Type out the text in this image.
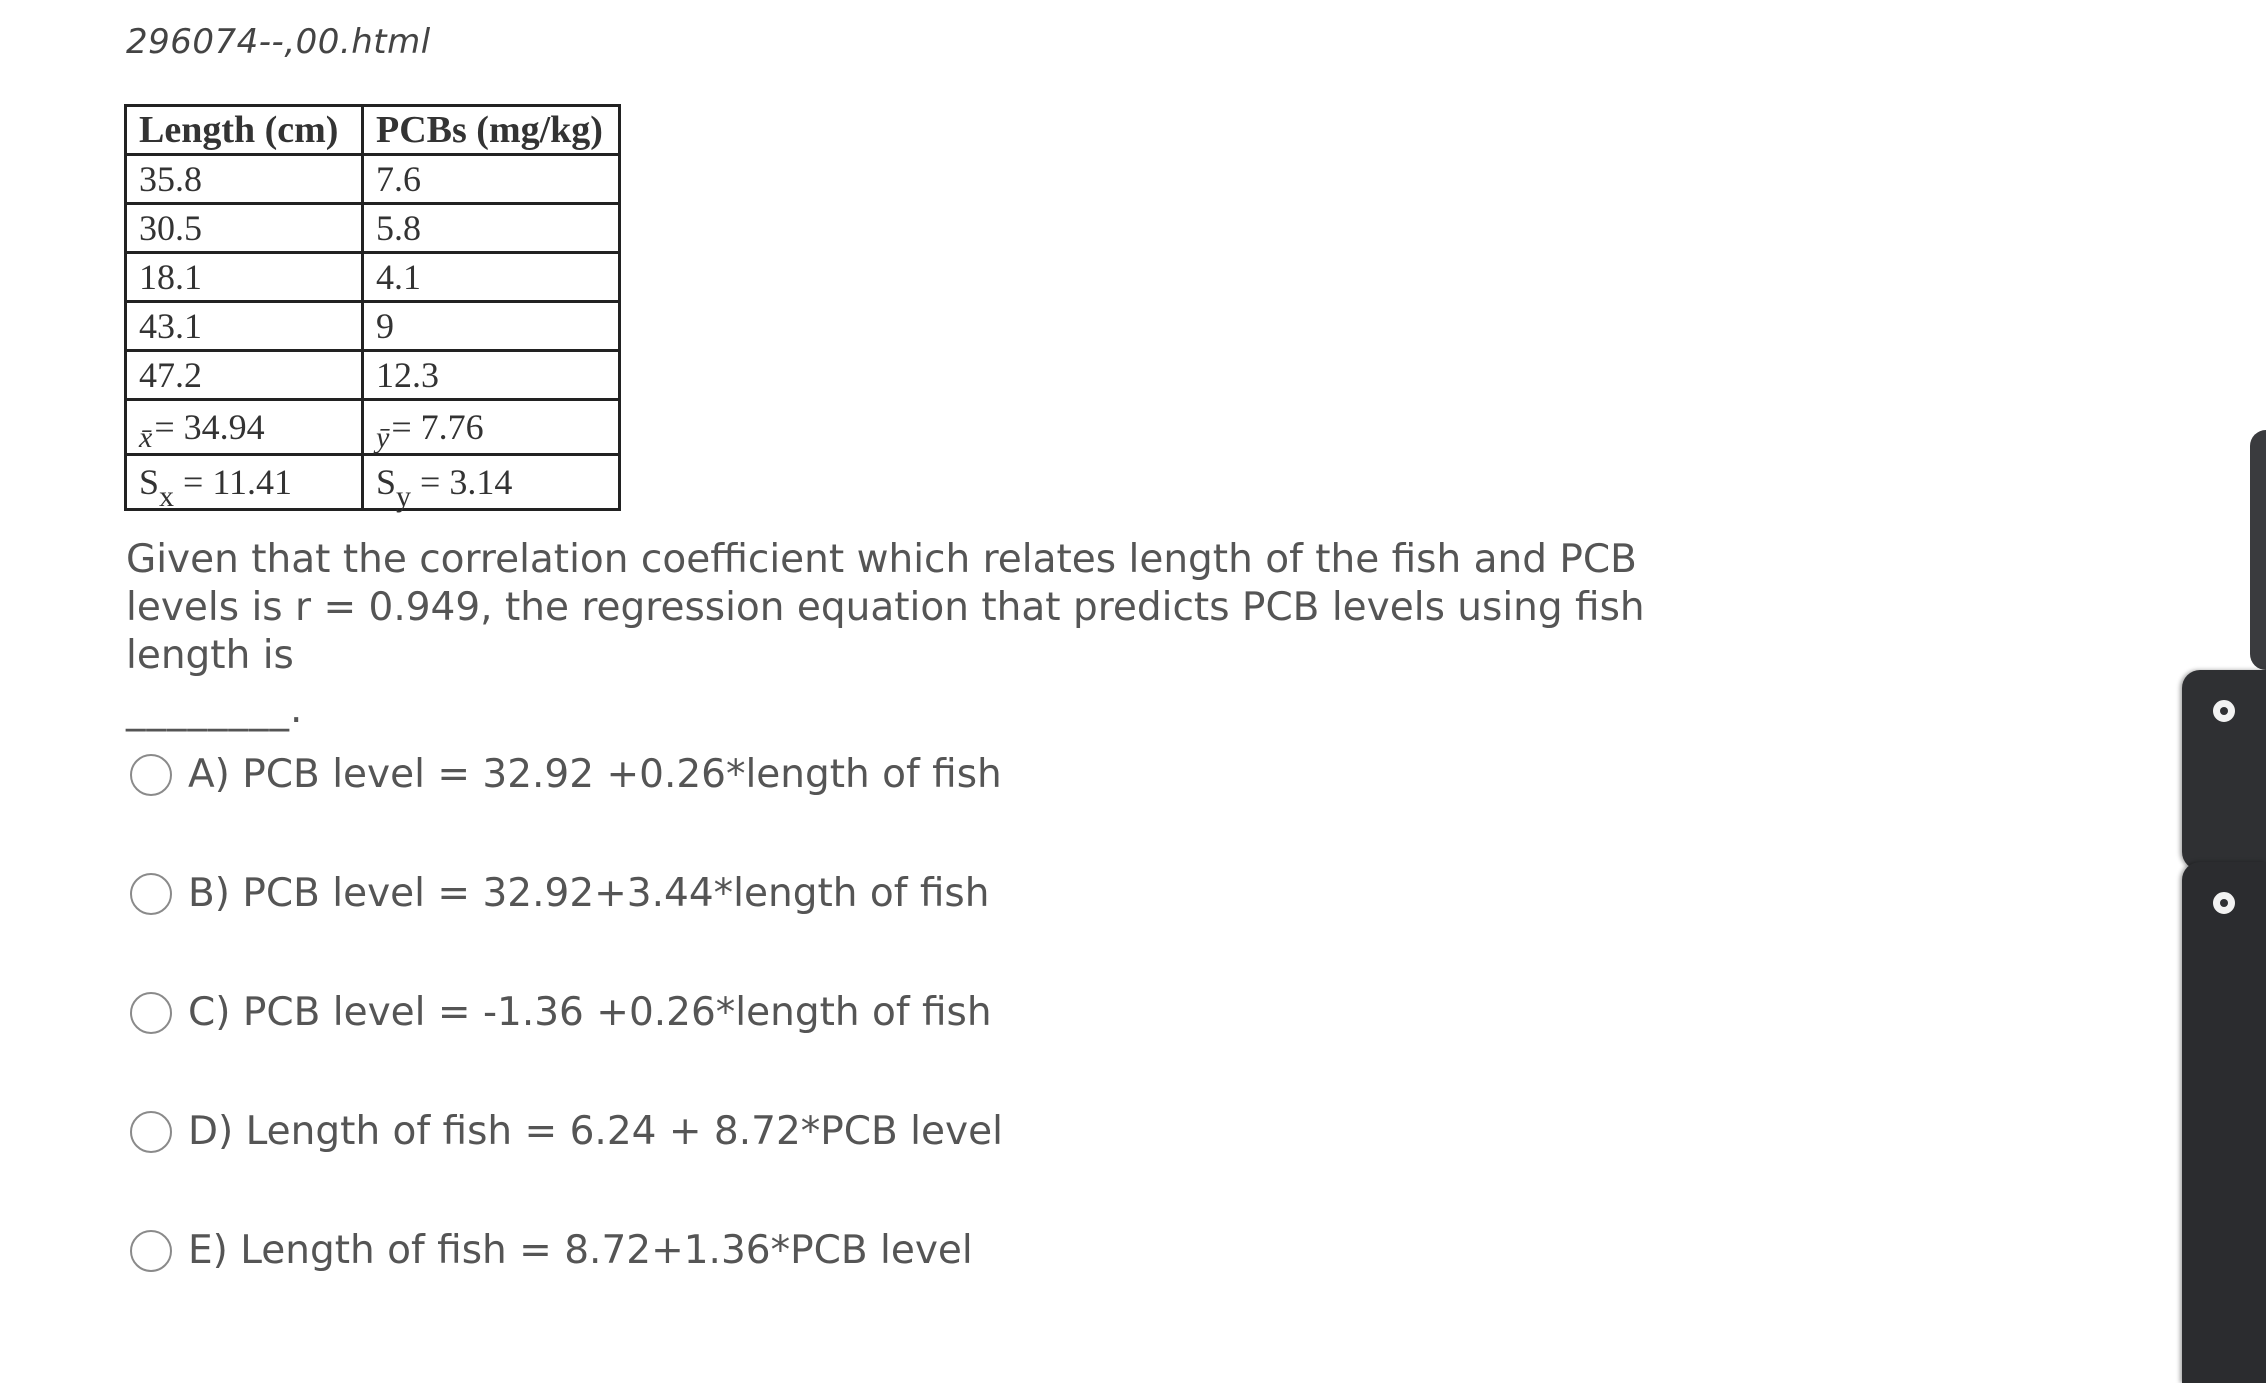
296074--,00.html
Length (cm)	PCBs (mg/kg)
35.8	7.6
30.5	5.8
18.1	4.1
43.1	9
47.2	12.3
x̄= 34.94	ȳ= 7.76
$S_x = 11.41$	$S_y = 3.14$
Given that the correlation coefficient which relates length of the fish and PCB levels is r = 0.949, the regression equation that predicts PCB levels using fish length is
________.
A) PCB level = 32.92 +0.26*length of fish
B) PCB level = 32.92+3.44*length of fish
C) PCB level = -1.36 +0.26*length of fish
D) Length of fish = 6.24 + 8.72*PCB level
E) Length of fish = 8.72+1.36*PCB level
